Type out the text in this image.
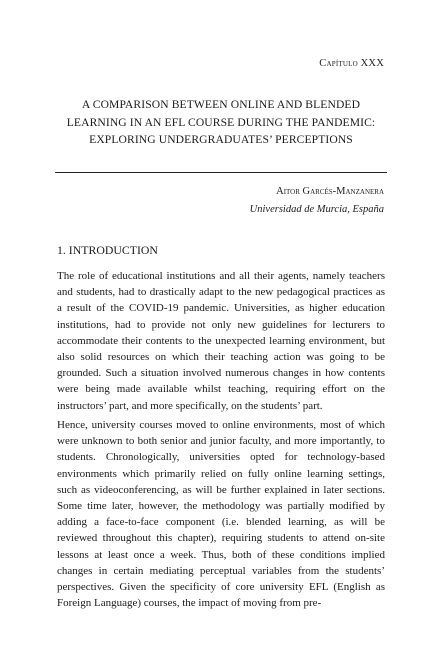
Capítulo XXX
A COMPARISON BETWEEN ONLINE AND BLENDED LEARNING IN AN EFL COURSE DURING THE PANDEMIC: EXPLORING UNDERGRADUATES’ PERCEPTIONS
Aitor Garcés-Manzanera
Universidad de Murcia, España
1. INTRODUCTION

The role of educational institutions and all their agents, namely teachers and students, had to drastically adapt to the new pedagogical practices as a result of the COVID-19 pandemic. Universities, as higher education institutions, had to provide not only new guidelines for lecturers to accommodate their contents to the unexpected learning environment, but also solid resources on which their teaching action was going to be grounded. Such a situation involved numerous changes in how contents were being made available whilst teaching, requiring effort on the instructors’ part, and more specifically, on the students’ part.

Hence, university courses moved to online environments, most of which were unknown to both senior and junior faculty, and more importantly, to students. Chronologically, universities opted for technology-based environments which primarily relied on fully online learning settings, such as videoconferencing, as will be further explained in later sections. Some time later, however, the methodology was partially modified by adding a face-to-face component (i.e. blended learning, as will be reviewed throughout this chapter), requiring students to attend on-site lessons at least once a week. Thus, both of these conditions implied changes in certain mediating perceptual variables from the students’ perspectives. Given the specificity of core university EFL (English as Foreign Language) courses, the impact of moving from pre-
